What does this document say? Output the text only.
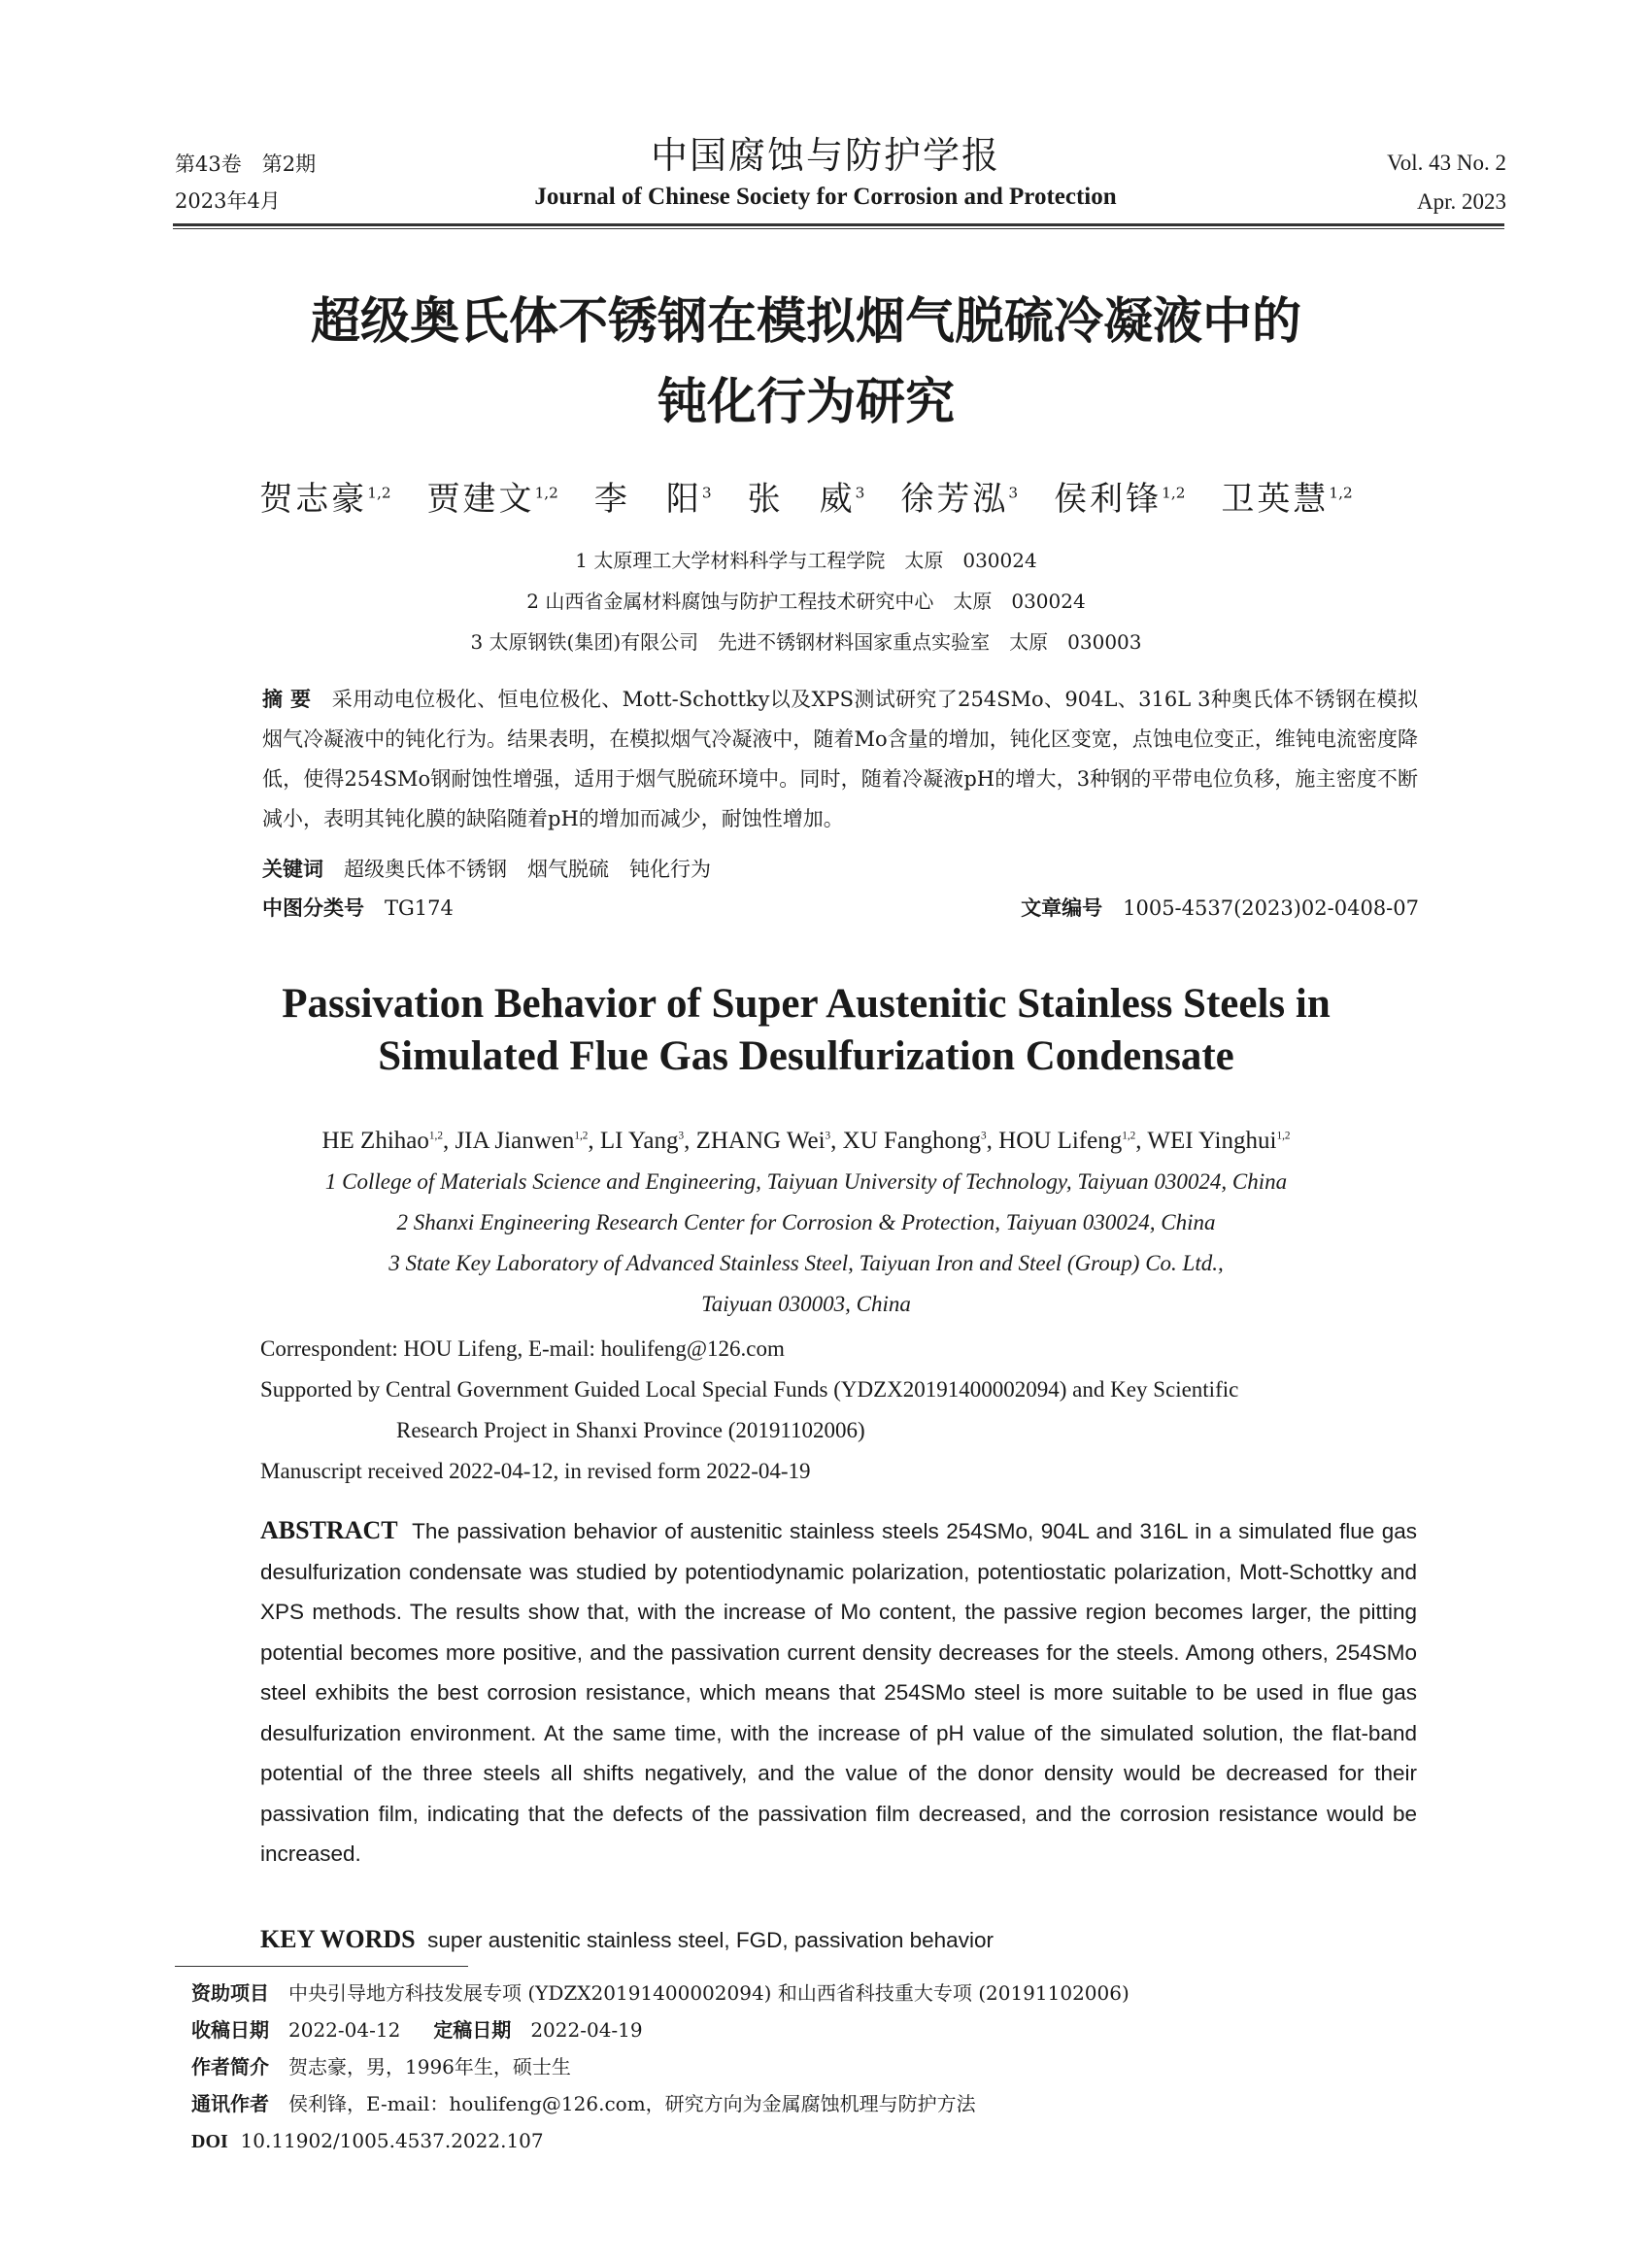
第43卷　第2期
2023年4月
中国腐蚀与防护学报
Journal of Chinese Society for Corrosion and Protection
Vol. 43 No. 2
Apr. 2023
超级奥氏体不锈钢在模拟烟气脱硫冷凝液中的
钝化行为研究
贺志豪$^{1,2}$　 贾建文$^{1,2}$　 李　阳$^3$　 张　威$^3$　 徐芳泓$^3$　 侯利锋$^{1,2}$　 卫英慧$^{1,2}$
1 太原理工大学材料科学与工程学院　太原　030024
2 山西省金属材料腐蚀与防护工程技术研究中心　太原　030024
3 太原钢铁(集团)有限公司　先进不锈钢材料国家重点实验室　太原　030003
摘 要　 采用动电位极化、恒电位极化、Mott-Schottky以及XPS测试研究了254SMo、904L、316L 3种奥氏体不锈钢在模拟烟气冷凝液中的钝化行为。结果表明，在模拟烟气冷凝液中，随着Mo含量的增加，钝化区变宽，点蚀电位变正，维钝电流密度降低，使得254SMo钢耐蚀性增强，适用于烟气脱硫环境中。同时，随着冷凝液pH的增大，3种钢的平带电位负移，施主密度不断减小，表明其钝化膜的缺陷随着pH的增加而减少，耐蚀性增加。
关键词　 超级奥氏体不锈钢　烟气脱硫　钝化行为
中图分类号　 TG174	文章编号　 1005-4537(2023)02-0408-07
Passivation Behavior of Super Austenitic Stainless Steels in
Simulated Flue Gas Desulfurization Condensate
HE Zhihao$^{1,2}$, JIA Jianwen$^{1,2}$, LI Yang$^3$, ZHANG Wei$^3$, XU Fanghong$^3$, HOU Lifeng$^{1,2}$, WEI Yinghui$^{1,2}$
1 College of Materials Science and Engineering, Taiyuan University of Technology, Taiyuan 030024, China
2 Shanxi Engineering Research Center for Corrosion & Protection, Taiyuan 030024, China
3 State Key Laboratory of Advanced Stainless Steel, Taiyuan Iron and Steel (Group) Co. Ltd.,
Taiyuan 030003, China
Correspondent: HOU Lifeng, E-mail: houlifeng@126.com
Supported by Central Government Guided Local Special Funds (YDZX20191400002094) and Key Scientific
Research Project in Shanxi Province (20191102006)
Manuscript received 2022-04-12, in revised form 2022-04-19
ABSTRACT The passivation behavior of austenitic stainless steels 254SMo, 904L and 316L in a simulated flue gas desulfurization condensate was studied by potentiodynamic polarization, potentiostatic polarization, Mott-Schottky and XPS methods. The results show that, with the increase of Mo content, the passive region becomes larger, the pitting potential becomes more positive, and the passivation current density decreases for the steels. Among others, 254SMo steel exhibits the best corrosion resistance, which means that 254SMo steel is more suitable to be used in flue gas desulfurization environment. At the same time, with the increase of pH value of the simulated solution, the flat-band potential of the three steels all shifts negatively, and the value of the donor density would be decreased for their passivation film, indicating that the defects of the passivation film decreased, and the corrosion resistance would be increased.
KEY WORDS super austenitic stainless steel, FGD, passivation behavior
资助项目　 中央引导地方科技发展专项 (YDZX20191400002094) 和山西省科技重大专项 (20191102006)
收稿日期　 2022-04-12 定稿日期　 2022-04-19
作者简介　 贺志豪，男，1996年生，硕士生
通讯作者　 侯利锋，E-mail：houlifeng@126.com，研究方向为金属腐蚀机理与防护方法
DOI 10.11902/1005.4537.2022.107
